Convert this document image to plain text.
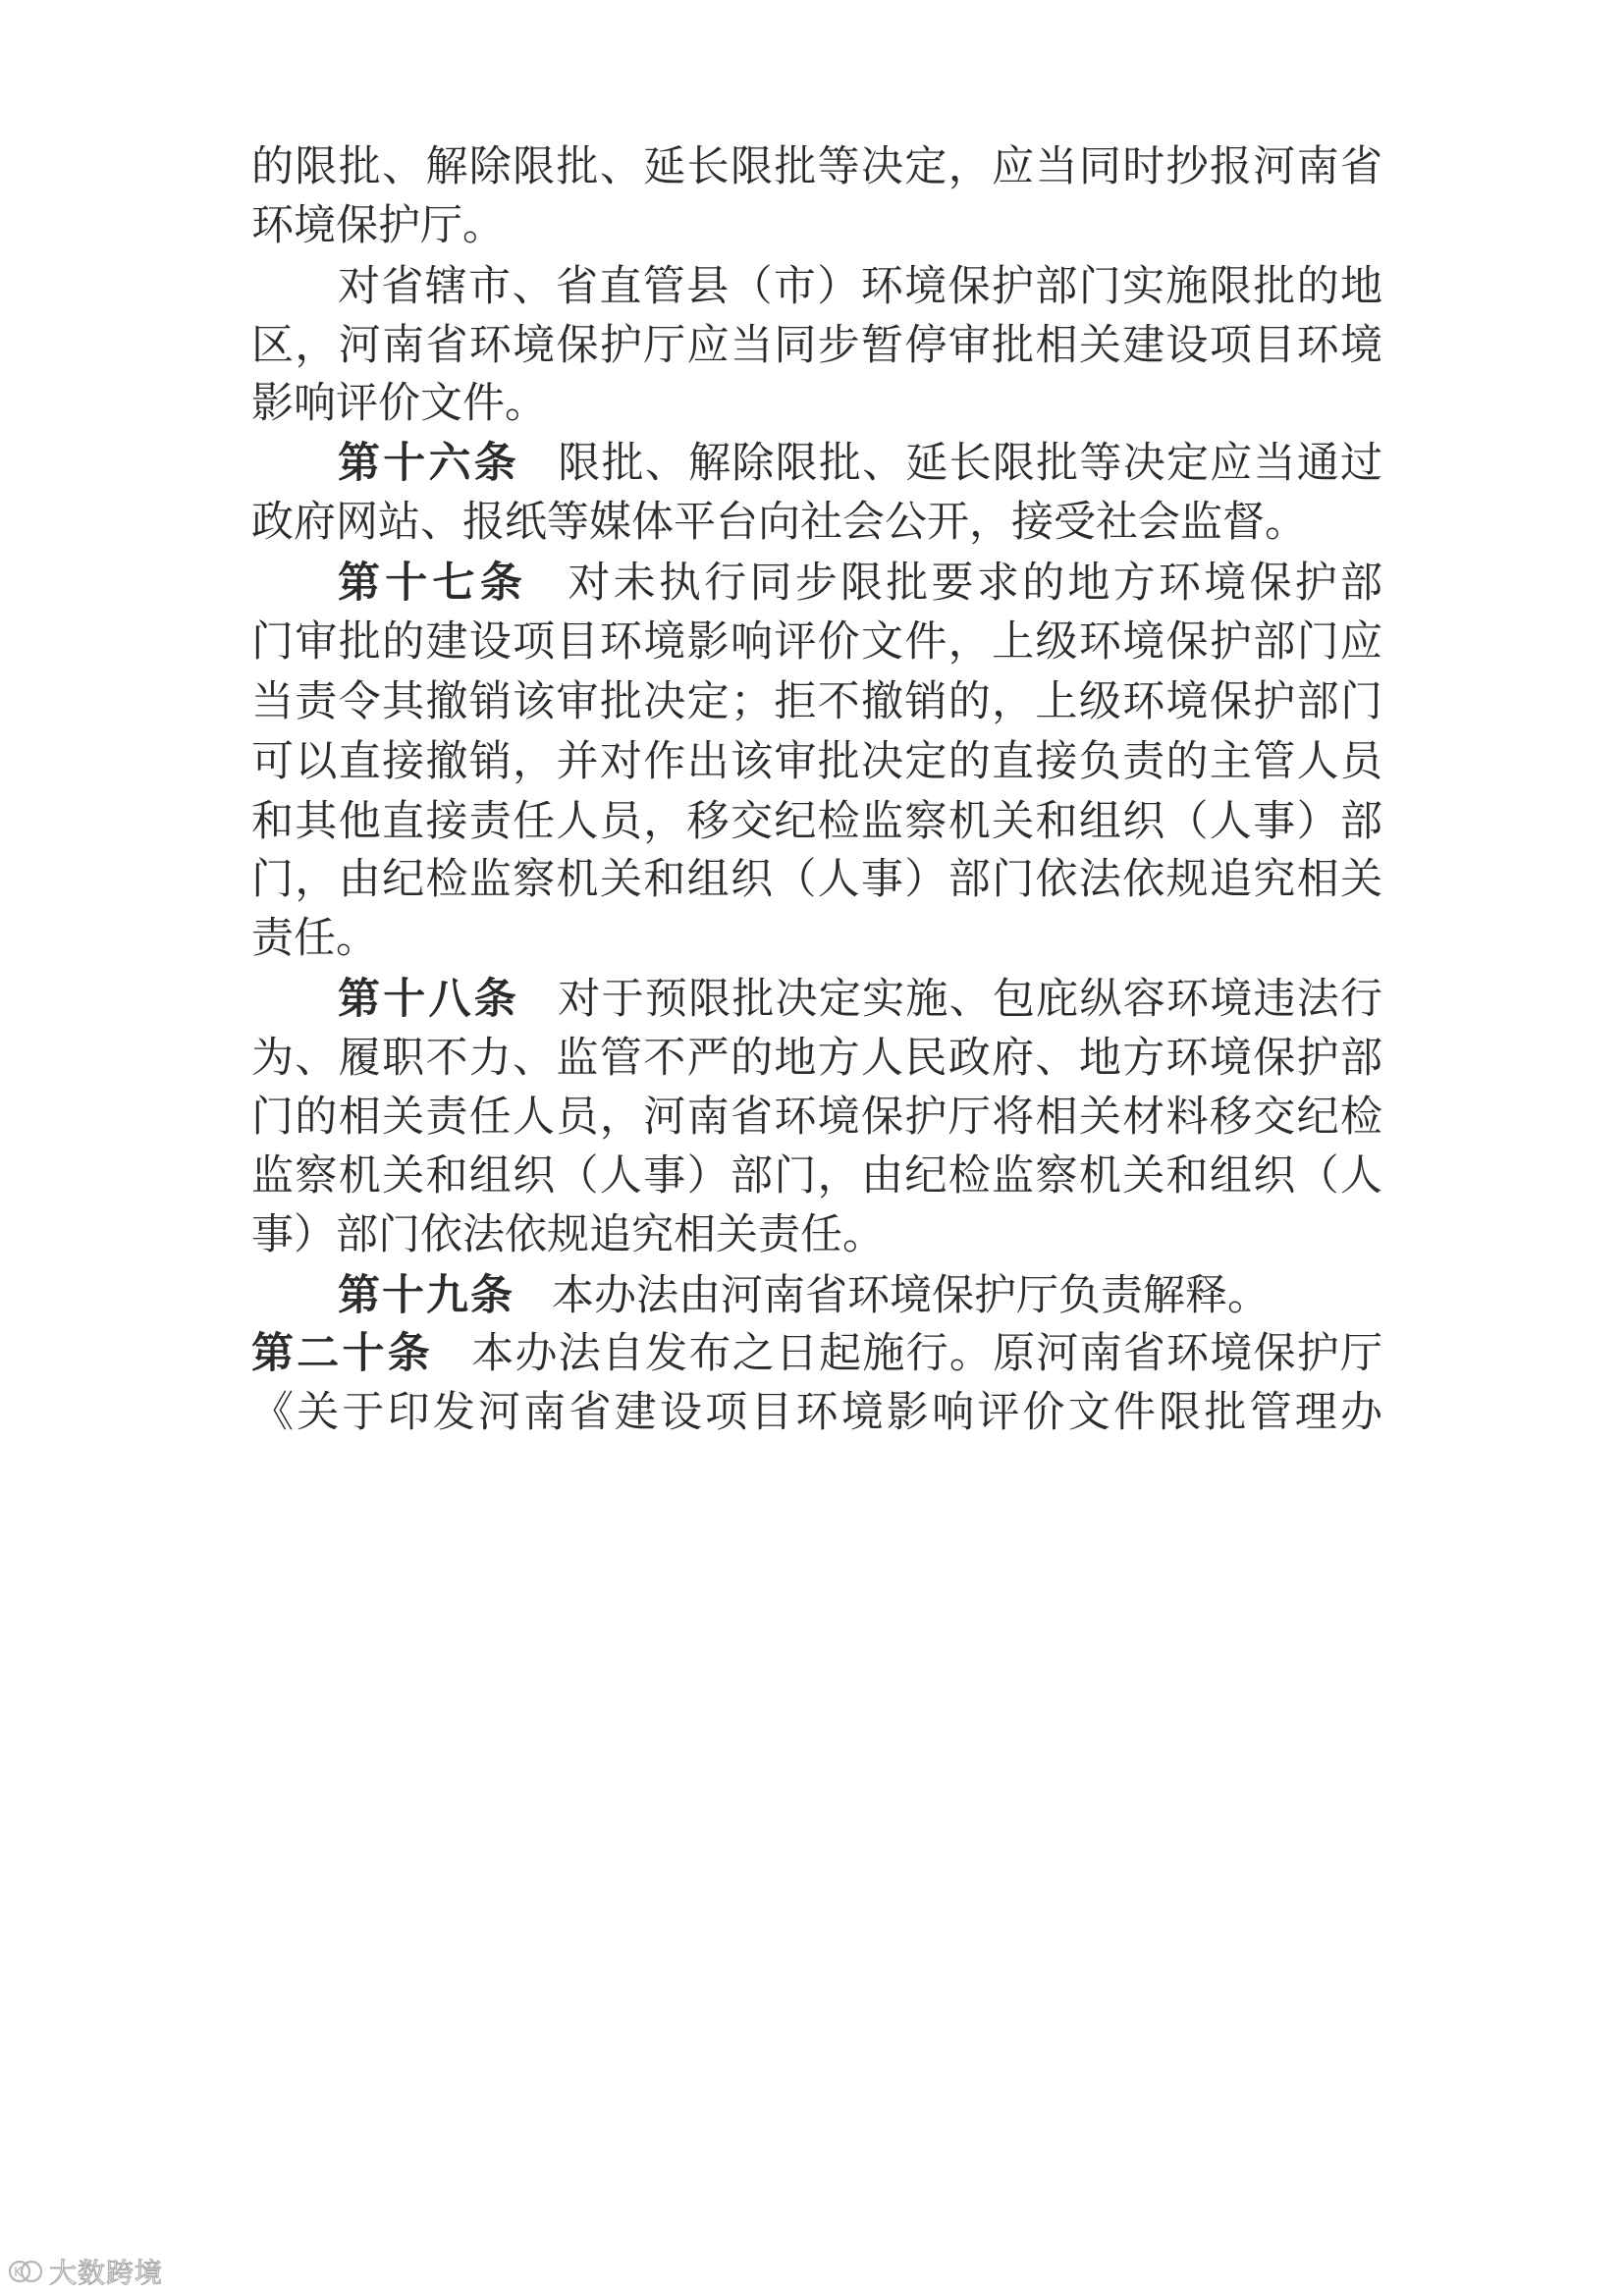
的限批、解除限批、延长限批等决定，应当同时抄报河南省
环境保护厅。
对省辖市、省直管县（市）环境保护部门实施限批的地
区，河南省环境保护厅应当同步暂停审批相关建设项目环境
影响评价文件。
第十六条 限批、解除限批、延长限批等决定应当通过
政府网站、报纸等媒体平台向社会公开，接受社会监督。
第十七条 对未执行同步限批要求的地方环境保护部
门审批的建设项目环境影响评价文件，上级环境保护部门应
当责令其撤销该审批决定；拒不撤销的，上级环境保护部门
可以直接撤销，并对作出该审批决定的直接负责的主管人员
和其他直接责任人员，移交纪检监察机关和组织（人事）部
门，由纪检监察机关和组织（人事）部门依法依规追究相关
责任。
第十八条 对于预限批决定实施、包庇纵容环境违法行
为、履职不力、监管不严的地方人民政府、地方环境保护部
门的相关责任人员，河南省环境保护厅将相关材料移交纪检
监察机关和组织（人事）部门，由纪检监察机关和组织（人
事）部门依法依规追究相关责任。
第十九条 本办法由河南省环境保护厅负责解释。
第二十条 本办法自发布之日起施行。原河南省环境保护厅
《关于印发河南省建设项目环境影响评价文件限批管理办
K 大数跨境
